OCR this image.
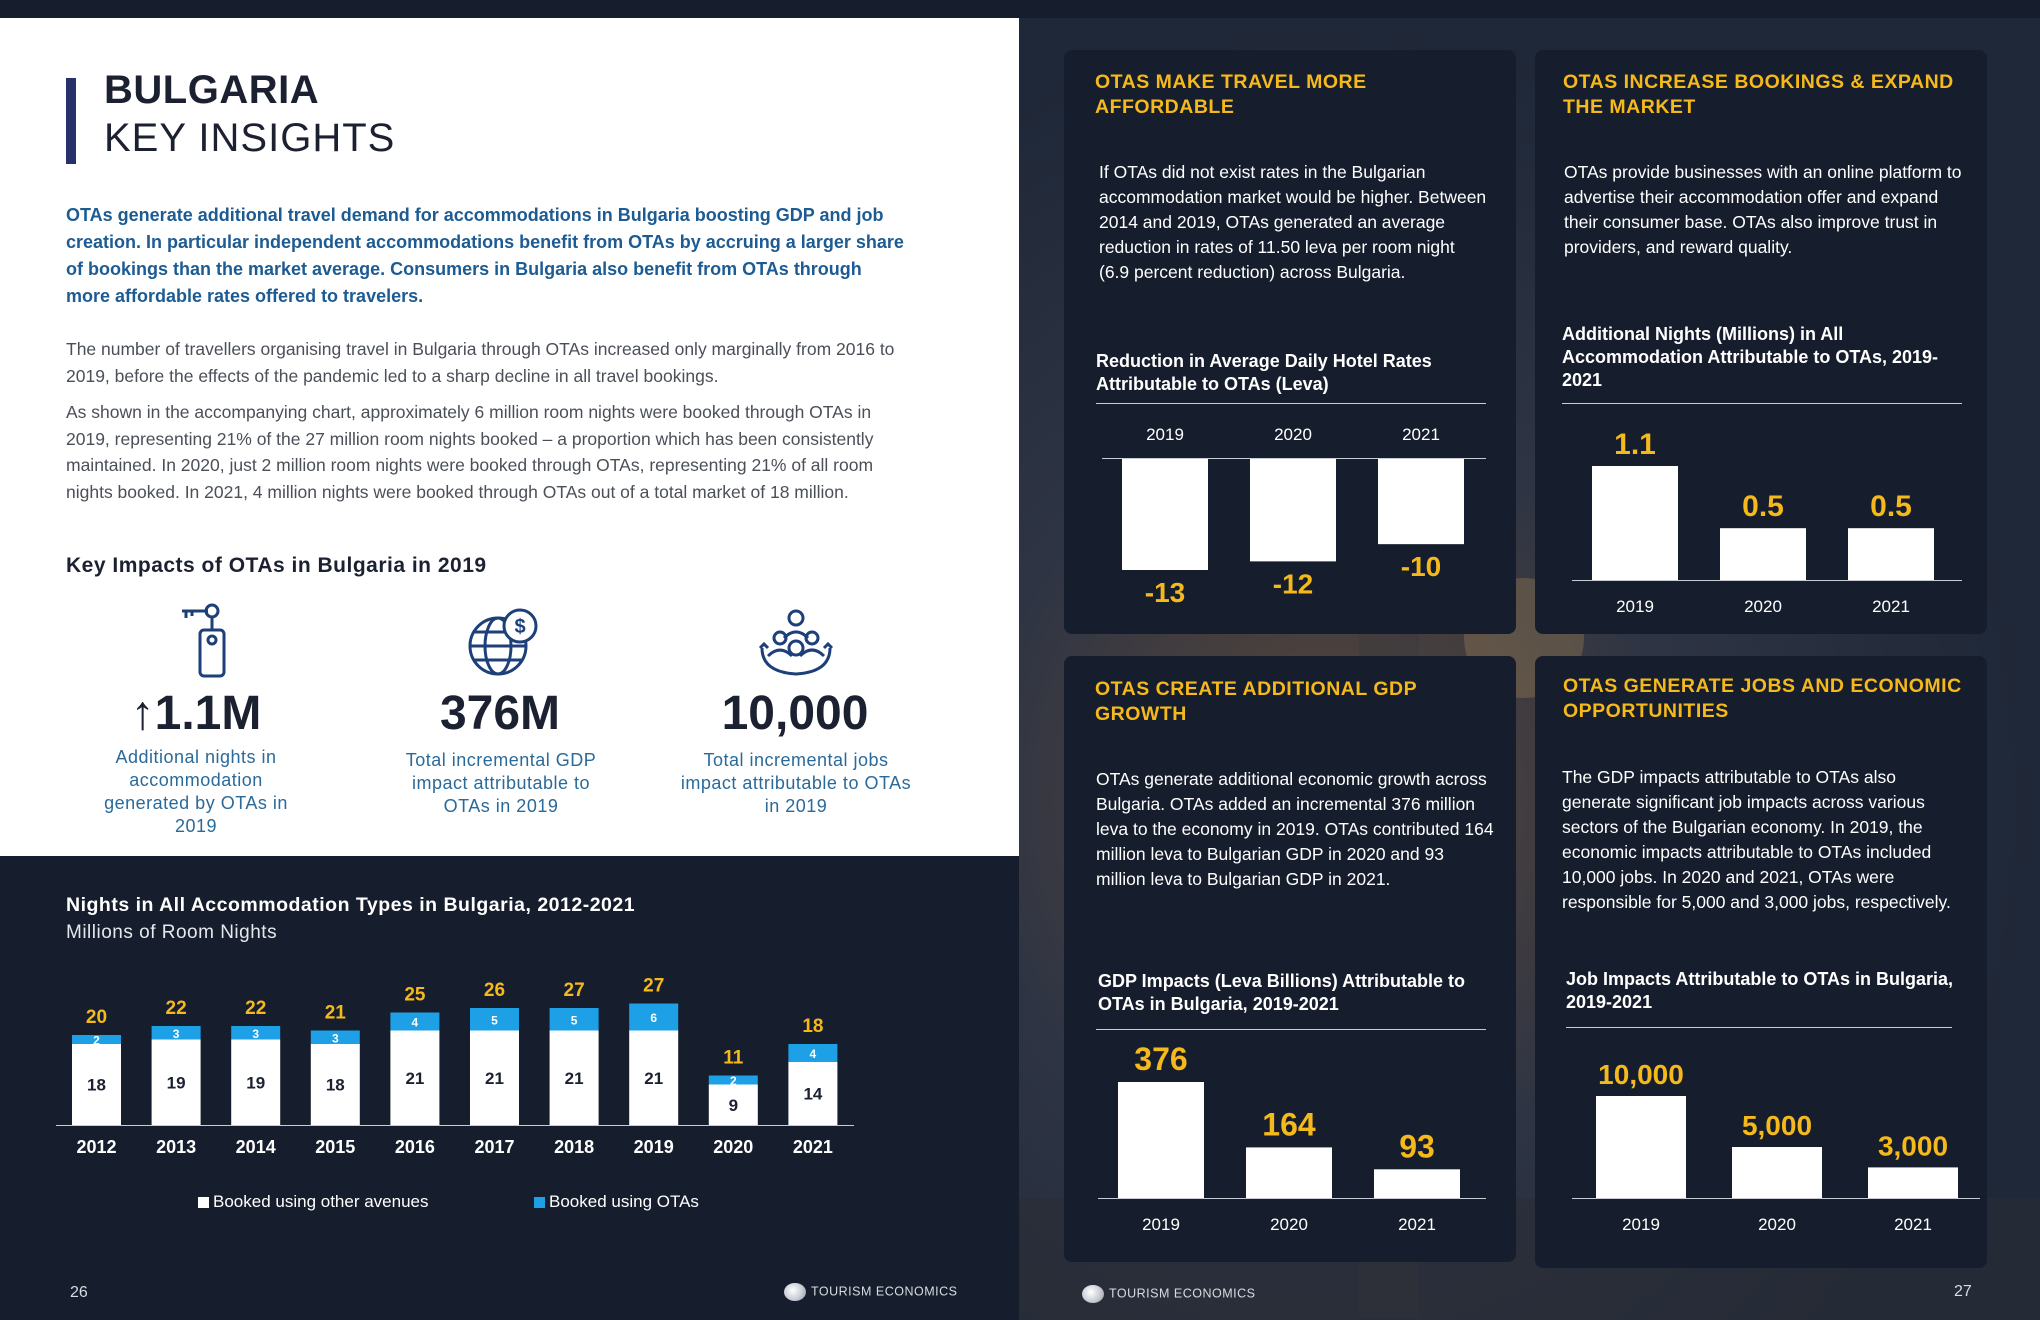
BULGARIA
KEY INSIGHTS
OTAs generate additional travel demand for accommodations in Bulgaria boosting GDP and job creation. In particular independent accommodations benefit from OTAs by accruing a larger share of bookings than the market average. Consumers in Bulgaria also benefit from OTAs through more affordable rates offered to travelers.
The number of travellers organising travel in Bulgaria through OTAs increased only marginally from 2016 to 2019, before the effects of the pandemic led to a sharp decline in all travel bookings.
As shown in the accompanying chart, approximately 6 million room nights were booked through OTAs in 2019, representing 21% of the 27 million room nights booked – a proportion which has been consistently maintained. In 2020, just 2 million room nights were booked through OTAs, representing 21% of all room nights booked. In 2021, 4 million nights were booked through OTAs out of a total market of 18 million.
Key Impacts of OTAs in Bulgaria in 2019
$
↑1.1M	376M	10,000
Additional nights in accommodation generated by OTAs in 2019
Total incremental GDP impact attributable to OTAs in 2019
Total incremental jobs impact attributable to OTAs in 2019
Nights in All Accommodation Types in Bulgaria, 2012-2021
Millions of Room Nights
18
2
20
2012
19
3
22
2013
19
3
22
2014
18
3
21
2015
21
4
25
2016
21
5
26
2017
21
5
27
2018
21
6
27
2019
9
2
11
2020
14
4
18
2021
Booked using other avenues	Booked using OTAs
26	TOURISM ECONOMICS
OTAS MAKE TRAVEL MORE AFFORDABLE
If OTAs did not exist rates in the Bulgarian accommodation market would be higher. Between 2014 and 2019, OTAs generated an average reduction in rates of 11.50 leva per room night (6.9 percent reduction) across Bulgaria.
Reduction in Average Daily Hotel Rates Attributable to OTAs (Leva)
-13
2019
-12
2020
-10
2021
OTAS INCREASE BOOKINGS & EXPAND THE MARKET
OTAs provide businesses with an online platform to advertise their accommodation offer and expand their consumer base. OTAs also improve trust in providers, and reward quality.
Additional Nights (Millions) in All Accommodation Attributable to OTAs, 2019-2021
1.1
2019
0.5
2020
0.5
2021
OTAS CREATE ADDITIONAL GDP GROWTH
OTAs generate additional economic growth across Bulgaria. OTAs added an incremental 376 million leva to the economy in 2019. OTAs contributed 164 million leva to Bulgarian GDP in 2020 and 93 million leva to Bulgarian GDP in 2021.
GDP Impacts (Leva Billions) Attributable to OTAs in Bulgaria, 2019-2021
376
2019
164
2020
93
2021
OTAS GENERATE JOBS AND ECONOMIC OPPORTUNITIES
The GDP impacts attributable to OTAs also generate significant job impacts across various sectors of the Bulgarian economy. In 2019, the economic impacts attributable to OTAs included 10,000 jobs. In 2020 and 2021, OTAs were responsible for 5,000 and 3,000 jobs, respectively.
Job Impacts Attributable to OTAs in Bulgaria, 2019-2021
10,000
2019
5,000
2020
3,000
2021
TOURISM ECONOMICS	27
